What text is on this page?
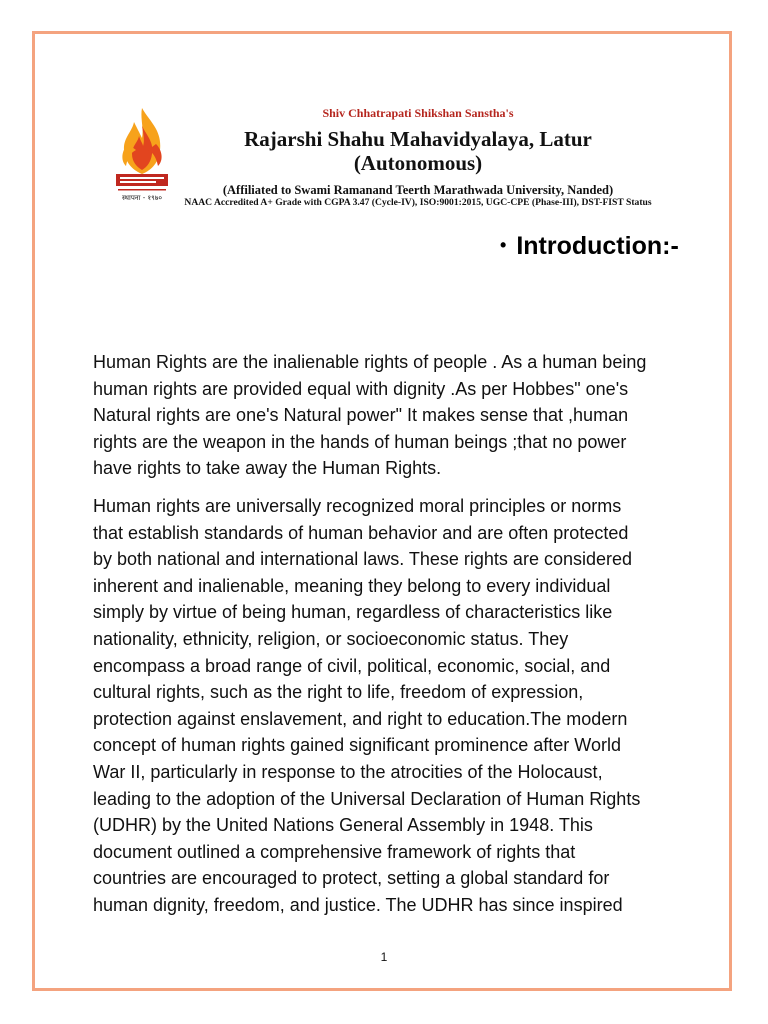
स्थापना - १९७०
Shiv Chhatrapati Shikshan Sanstha's
Rajarshi Shahu Mahavidyalaya, Latur
(Autonomous)
(Affiliated to Swami Ramanand Teerth Marathwada University, Nanded)
NAAC Accredited A+ Grade with CGPA 3.47 (Cycle-IV), ISO:9001:2015, UGC-CPE (Phase-III), DST-FIST Status
• Introduction:-
Human Rights are the inalienable rights of people . As a human being
human rights are provided equal with dignity .As per Hobbes" one's
Natural rights are one's Natural power" It makes sense that ,human
rights are the weapon in the hands of human beings ;that no power
have rights to take away the Human Rights.
Human rights are universally recognized moral principles or norms
that establish standards of human behavior and are often protected
by both national and international laws. These rights are considered
inherent and inalienable, meaning they belong to every individual
simply by virtue of being human, regardless of characteristics like
nationality, ethnicity, religion, or socioeconomic status. They
encompass a broad range of civil, political, economic, social, and
cultural rights, such as the right to life, freedom of expression,
protection against enslavement, and right to education.The modern
concept of human rights gained significant prominence after World
War II, particularly in response to the atrocities of the Holocaust,
leading to the adoption of the Universal Declaration of Human Rights
(UDHR) by the United Nations General Assembly in 1948. This
document outlined a comprehensive framework of rights that
countries are encouraged to protect, setting a global standard for
human dignity, freedom, and justice. The UDHR has since inspired
1
